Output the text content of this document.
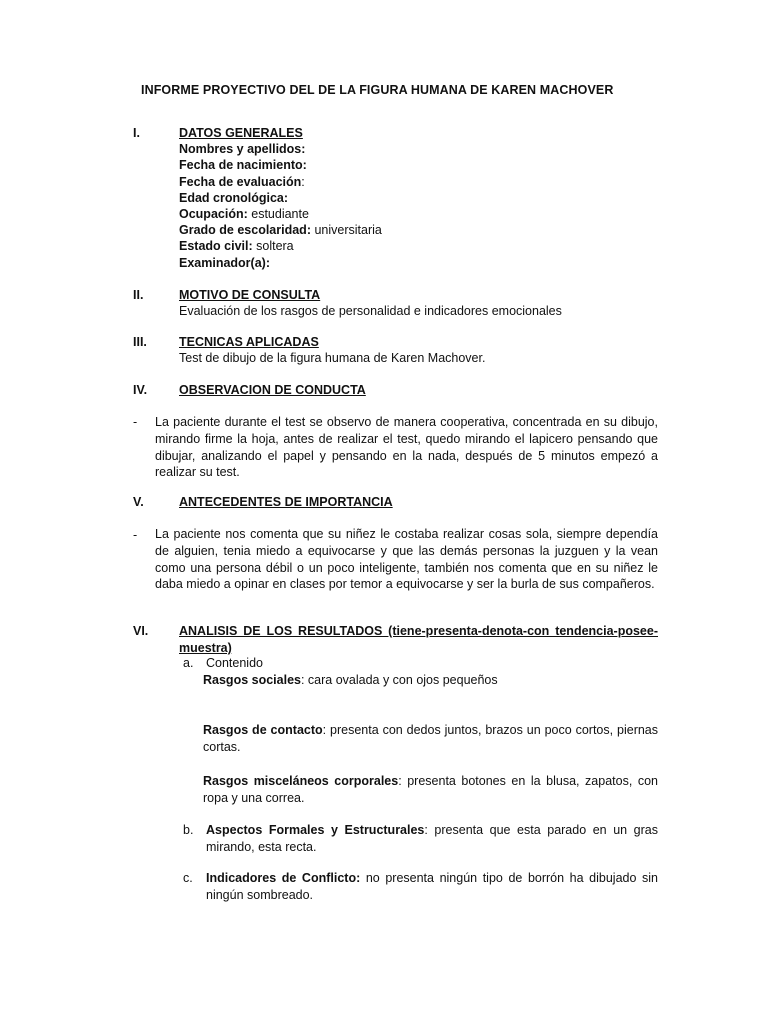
INFORME PROYECTIVO DEL DE LA FIGURA HUMANA DE KAREN MACHOVER
I.	DATOS GENERALES
Nombres y apellidos:
Fecha de nacimiento:
Fecha de evaluación:
Edad cronológica:
Ocupación: estudiante
Grado de escolaridad: universitaria
Estado civil: soltera
Examinador(a):
II.	MOTIVO DE CONSULTA
Evaluación de los rasgos de personalidad e indicadores emocionales
III.	TECNICAS APLICADAS
Test de dibujo de la figura humana de Karen Machover.
IV.	OBSERVACION DE CONDUCTA
- La paciente durante el test se observo de manera cooperativa, concentrada en su dibujo, mirando firme la hoja, antes de realizar el test, quedo mirando el lapicero pensando que dibujar, analizando el papel y pensando en la nada, después de 5 minutos empezó a realizar su test.
V.	ANTECEDENTES DE IMPORTANCIA
- La paciente nos comenta que su niñez le costaba realizar cosas sola, siempre dependía de alguien, tenia miedo a equivocarse y que las demás personas la juzguen y la vean como una persona débil o un poco inteligente, también nos comenta que en su niñez le daba miedo a opinar en clases por temor a equivocarse y ser la burla de sus compañeros.
VI. ANALISIS DE LOS RESULTADOS (tiene-presenta-denota-con tendencia-posee-muestra)
a. Contenido
Rasgos sociales: cara ovalada y con ojos pequeños
Rasgos de contacto: presenta con dedos juntos, brazos un poco cortos, piernas cortas.
Rasgos misceláneos corporales: presenta botones en la blusa, zapatos, con ropa y una correa.
b. Aspectos Formales y Estructurales: presenta que esta parado en un gras mirando, esta recta.
c. Indicadores de Conflicto: no presenta ningún tipo de borrón ha dibujado sin ningún sombreado.
